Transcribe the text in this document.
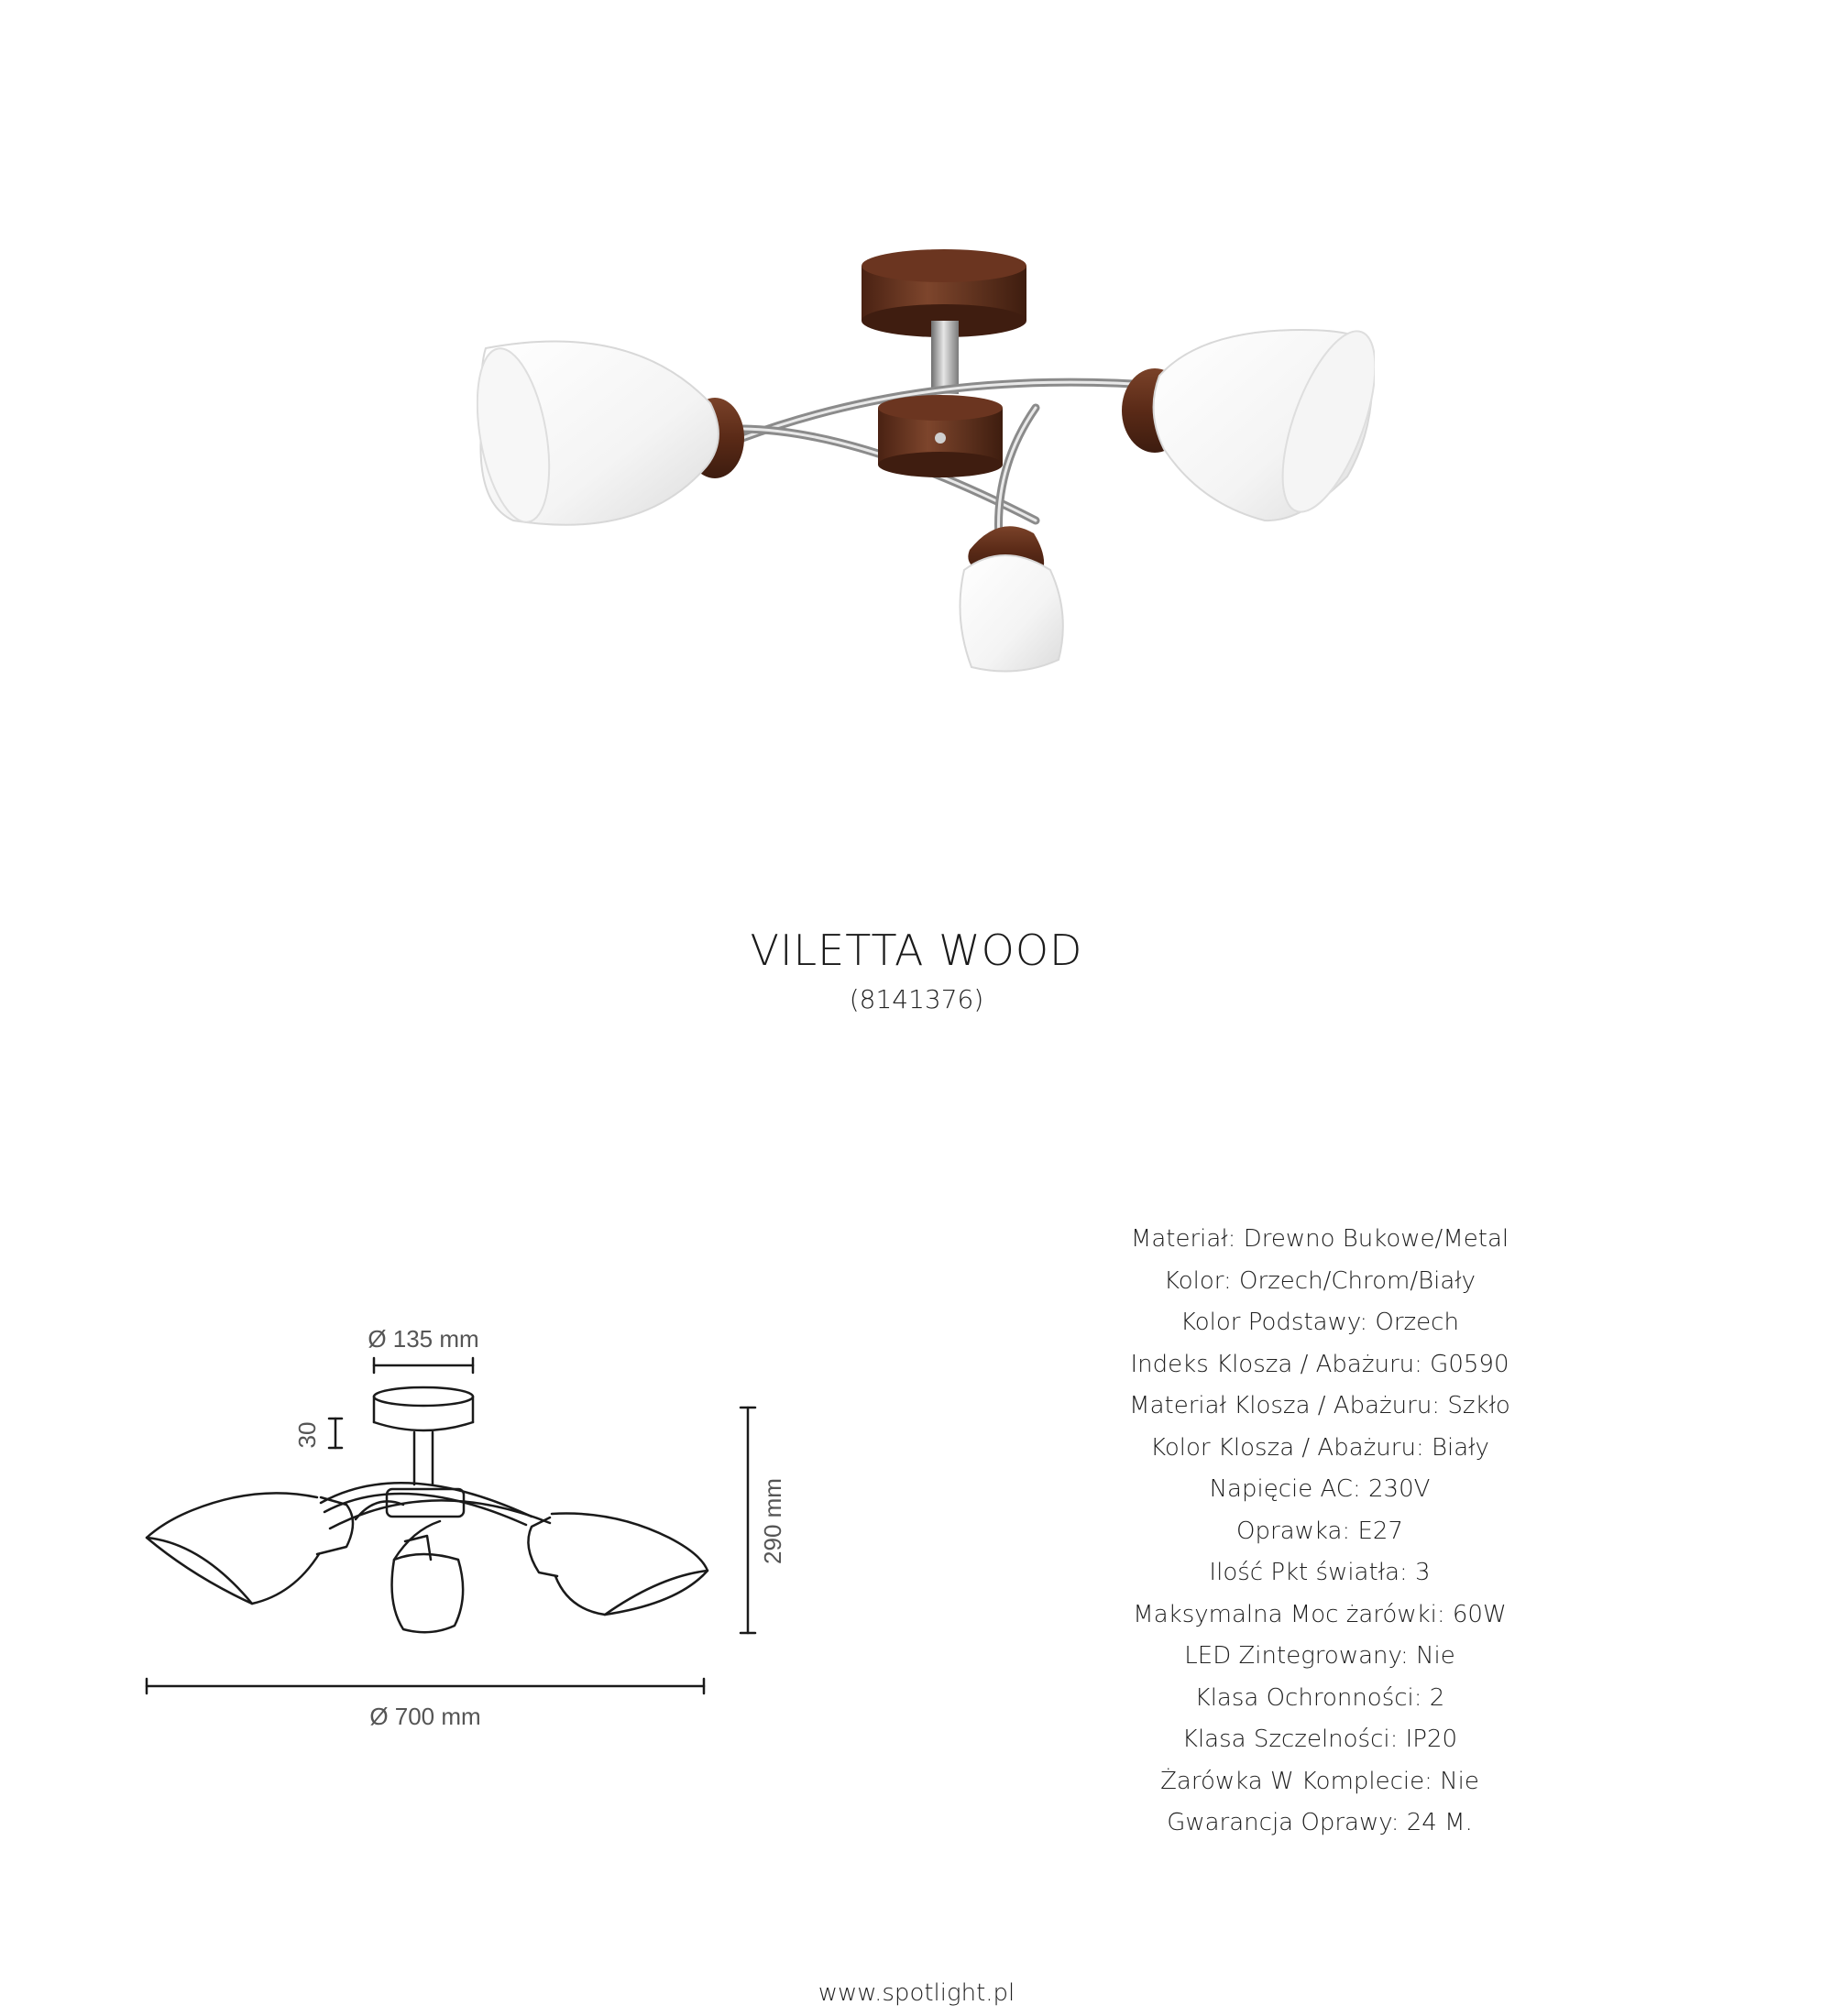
VILETTA WOOD
(8141376)
Ø 135 mm
30
290 mm
Ø 700 mm
Materiał: Drewno Bukowe/Metal
Kolor: Orzech/Chrom/Biały
Kolor Podstawy: Orzech
Indeks Klosza / Abażuru: G0590
Materiał Klosza / Abażuru: Szkło
Kolor Klosza / Abażuru: Biały
Napięcie AC: 230V
Oprawka: E27
Ilość Pkt światła: 3
Maksymalna Moc żarówki: 60W
LED Zintegrowany: Nie
Klasa Ochronności: 2
Klasa Szczelności: IP20
Żarówka W Komplecie: Nie
Gwarancja Oprawy: 24 M.
www.spotlight.pl
